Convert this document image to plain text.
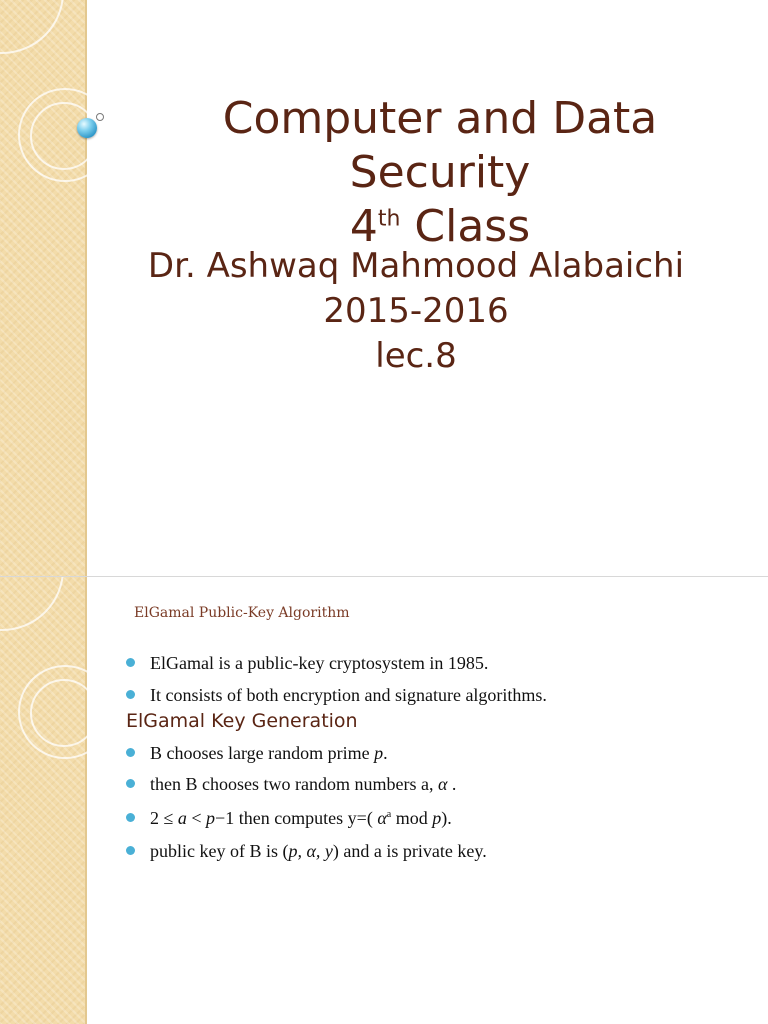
Computer and Data
Security
4th Class
Dr. Ashwaq Mahmood Alabaichi
2015-2016
lec.8
ElGamal Public-Key Algorithm
ElGamal is a public-key cryptosystem in 1985.
It consists of both encryption and signature algorithms.
ElGamal Key Generation
B chooses large random prime p.
then B chooses two random numbers a, α .
2 ≤ a < p−1 then computes y=( $\alpha^a$ mod p).
public key of B is (p, α, y) and a is private key.
